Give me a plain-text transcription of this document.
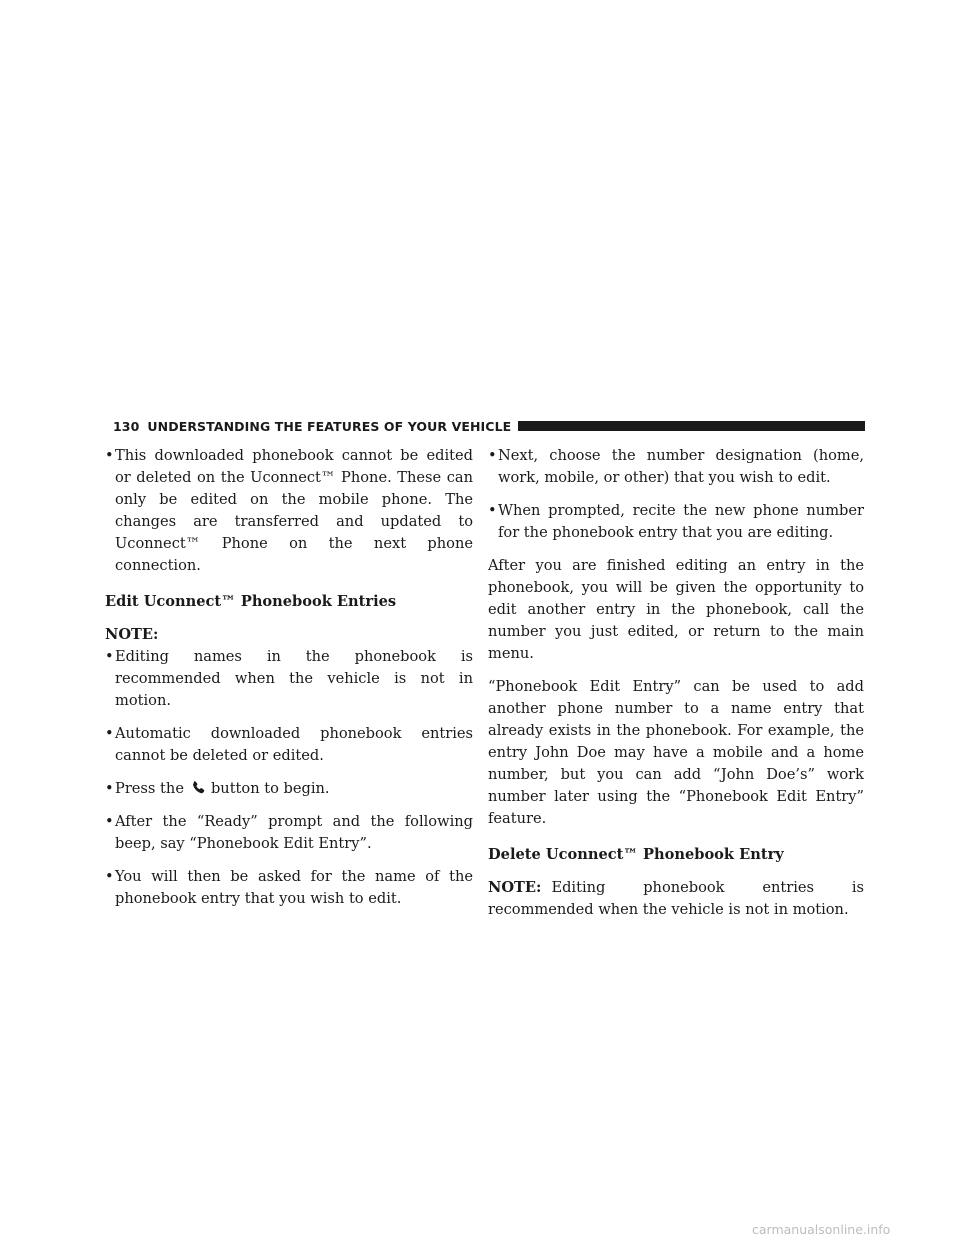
130 UNDERSTANDING THE FEATURES OF YOUR VEHICLE
• This downloaded phonebook cannot be edited or deleted on the Uconnect™ Phone. These can only be edited on the mobile phone. The changes are transferred and updated to Uconnect™ Phone on the next phone connection.
Edit Uconnect™ Phonebook Entries
NOTE:
• Editing names in the phonebook is recommended when the vehicle is not in motion.
• Automatic downloaded phonebook entries cannot be deleted or edited.
• Press the button to begin.
• After the “Ready” prompt and the following beep, say “Phonebook Edit Entry”.
• You will then be asked for the name of the phonebook entry that you wish to edit.
• Next, choose the number designation (home, work, mobile, or other) that you wish to edit.
• When prompted, recite the new phone number for the phonebook entry that you are editing.

After you are finished editing an entry in the phonebook, you will be given the opportunity to edit another entry in the phonebook, call the number you just edited, or return to the main menu.

“Phonebook Edit Entry” can be used to add another phone number to a name entry that already exists in the phonebook. For example, the entry John Doe may have a mobile and a home number, but you can add “John Doe’s” work number later using the “Phonebook Edit Entry” feature.

Delete Uconnect™ Phonebook Entry

NOTE: Editing phonebook entries is recommended when the vehicle is not in motion.

carmanualsonline.info
